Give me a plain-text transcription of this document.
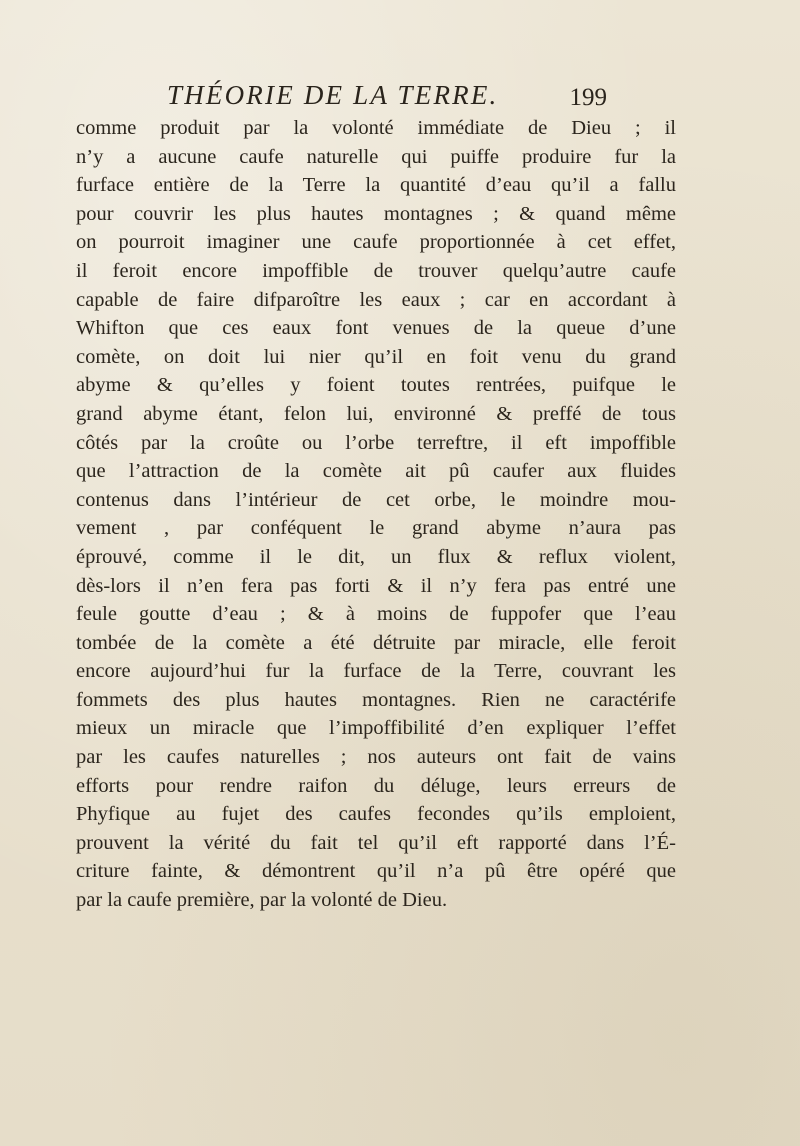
THÉORIE DE LA TERRE.	199
comme produit par la volonté immédiate de Dieu ; il
n’y a aucune caufe naturelle qui puiffe produire fur la
furface entière de la Terre la quantité d’eau qu’il a fallu
pour couvrir les plus hautes montagnes ; & quand même
on pourroit imaginer une caufe proportionnée à cet effet,
il feroit encore impoffible de trouver quelqu’autre caufe
capable de faire difparoître les eaux ; car en accordant à
Whifton que ces eaux font venues de la queue d’une
comète, on doit lui nier qu’il en foit venu du grand
abyme & qu’elles y foient toutes rentrées, puifque le
grand abyme étant, felon lui, environné & preffé de tous
côtés par la croûte ou l’orbe terreftre, il eft impoffible
que l’attraction de la comète ait pû caufer aux fluides
contenus dans l’intérieur de cet orbe, le moindre mou-
vement , par conféquent le grand abyme n’aura pas
éprouvé, comme il le dit, un flux & reflux violent,
dès-lors il n’en fera pas forti & il n’y fera pas entré une
feule goutte d’eau ; & à moins de fuppofer que l’eau
tombée de la comète a été détruite par miracle, elle feroit
encore aujourd’hui fur la furface de la Terre, couvrant les
fommets des plus hautes montagnes. Rien ne caractérife
mieux un miracle que l’impoffibilité d’en expliquer l’effet
par les caufes naturelles ; nos auteurs ont fait de vains
efforts pour rendre raifon du déluge, leurs erreurs de
Phyfique au fujet des caufes fecondes qu’ils emploient,
prouvent la vérité du fait tel qu’il eft rapporté dans l’É-
criture fainte, & démontrent qu’il n’a pû être opéré que
par la caufe première, par la volonté de Dieu.
